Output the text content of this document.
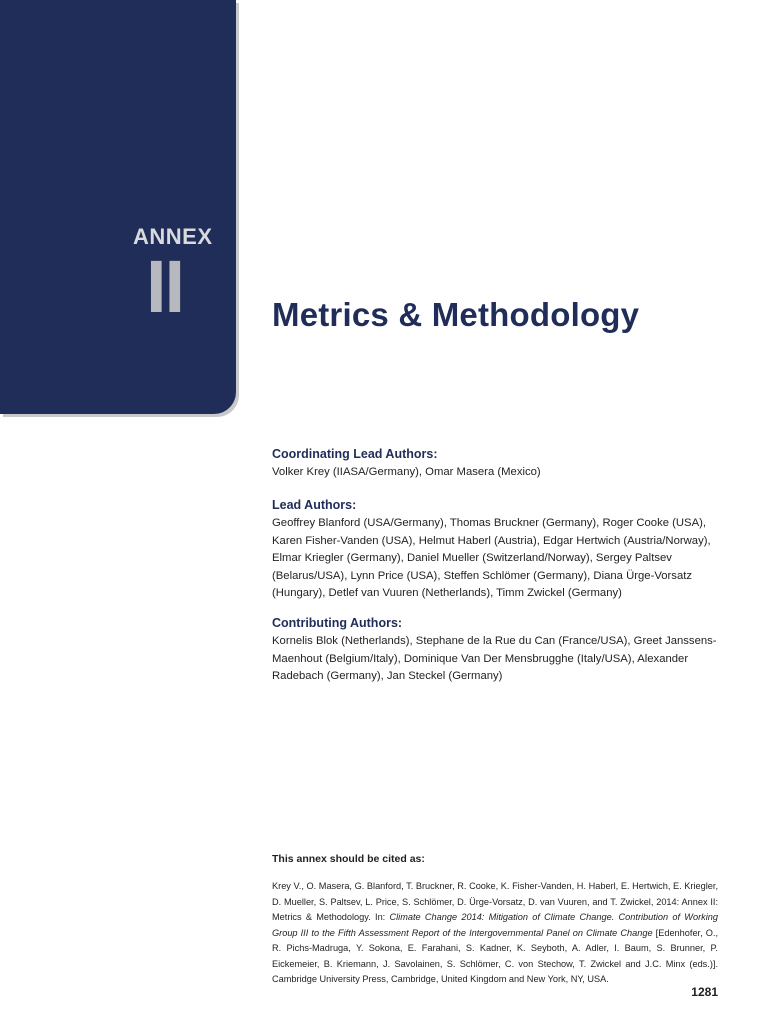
ANNEX

II	Metrics & Methodology

Coordinating Lead Authors:

Volker Krey (IIASA/Germany), Omar Masera (Mexico)

Lead Authors:

Geoffrey Blanford (USA/Germany), Thomas Bruckner (Germany), Roger Cooke (USA), Karen Fisher-Vanden (USA), Helmut Haberl (Austria), Edgar Hertwich (Austria/Norway), Elmar Kriegler (Germany), Daniel Mueller (Switzerland/Norway), Sergey Paltsev (Belarus/USA), Lynn Price (USA), Steffen Schlömer (Germany), Diana Ürge-Vorsatz (Hungary), Detlef van Vuuren (Netherlands), Timm Zwickel (Germany)

Contributing Authors:

Kornelis Blok (Netherlands), Stephane de la Rue du Can (France/USA), Greet Janssens-Maenhout (Belgium/Italy), Dominique Van Der Mensbrugghe (Italy/USA), Alexander Radebach (Germany), Jan Steckel (Germany)

This annex should be cited as:

Krey V., O. Masera, G. Blanford, T. Bruckner, R. Cooke, K. Fisher-Vanden, H. Haberl, E. Hertwich, E. Kriegler, D. Mueller, S. Paltsev, L. Price, S. Schlömer, D. Ürge-Vorsatz, D. van Vuuren, and T. Zwickel, 2014: Annex II: Metrics & Methodology. In: Climate Change 2014: Mitigation of Climate Change. Contribution of Working Group III to the Fifth Assessment Report of the Intergovernmental Panel on Climate Change [Edenhofer, O., R. Pichs-Madruga, Y. Sokona, E. Farahani, S. Kadner, K. Seyboth, A. Adler, I. Baum, S. Brunner, P. Eickemeier, B. Kriemann, J. Savolainen, S. Schlömer, C. von Stechow, T. Zwickel and J.C. Minx (eds.)]. Cambridge University Press, Cambridge, United Kingdom and New York, NY, USA.

1281
